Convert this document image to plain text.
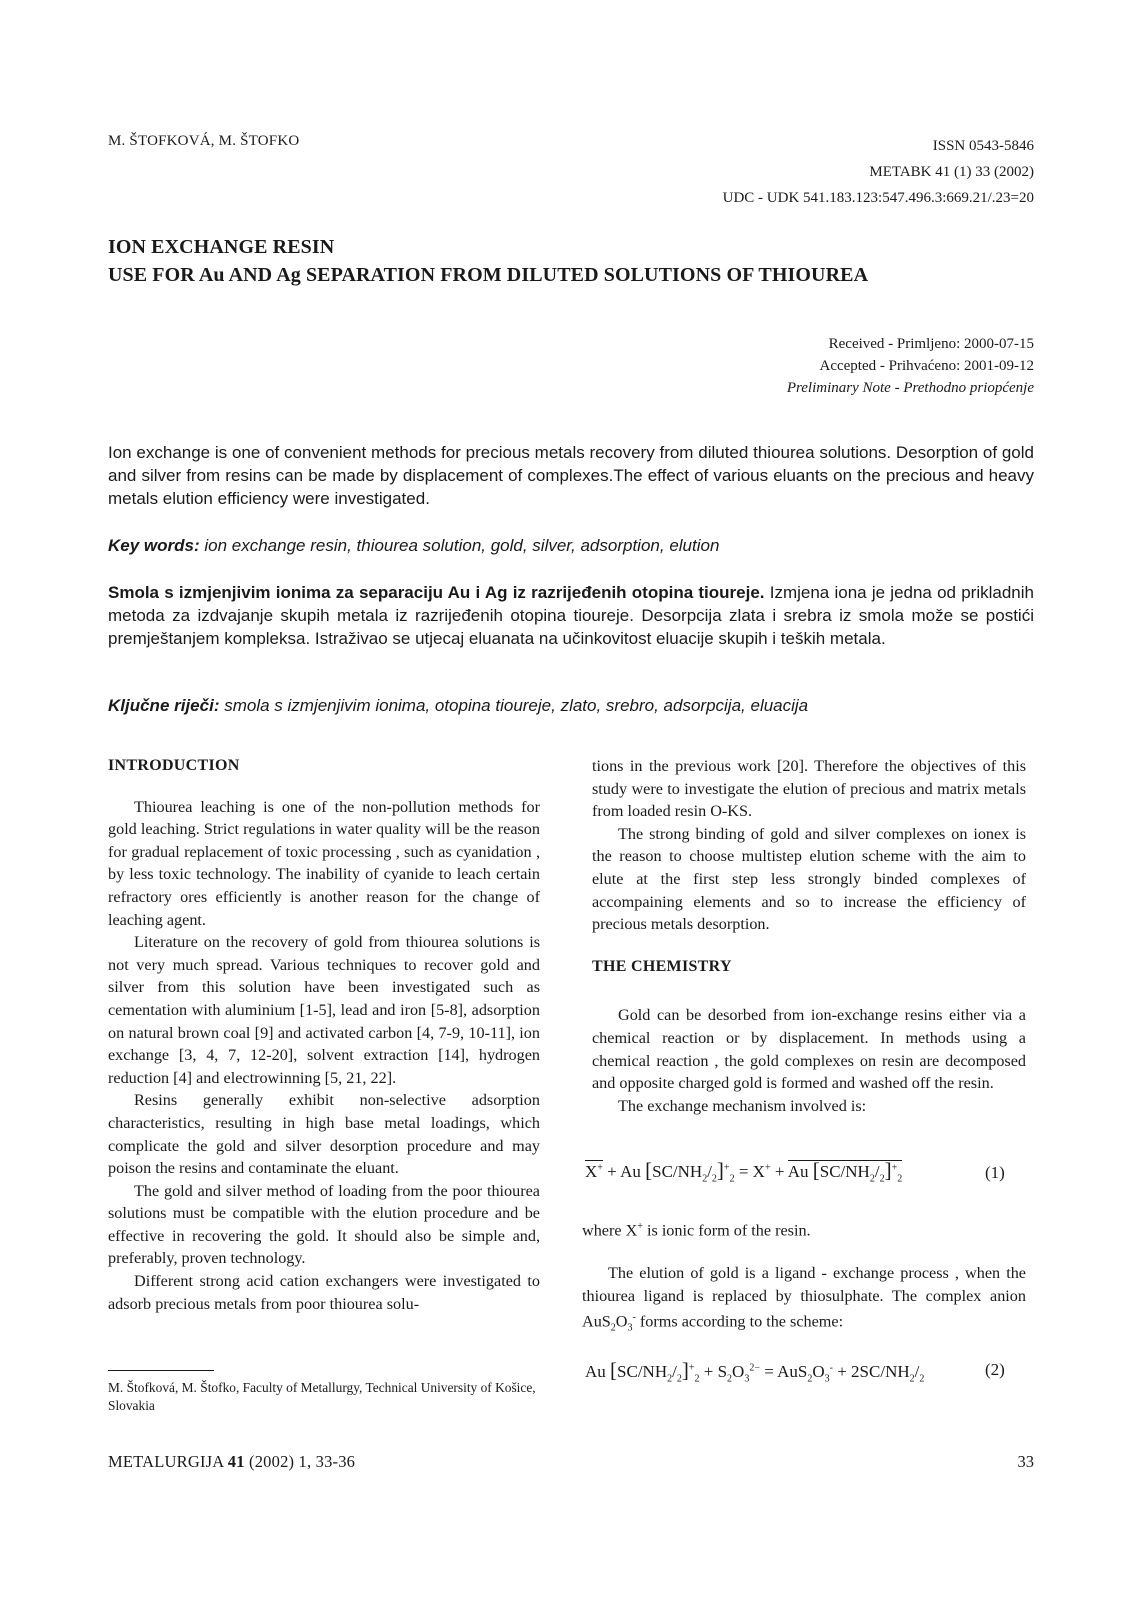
M. ŠTOFKOVÁ, M. ŠTOFKO	ISSN 0543-5846
METABK 41 (1) 33 (2002)
UDC - UDK 541.183.123:547.496.3:669.21/.23=20
ION EXCHANGE RESIN
USE FOR Au AND Ag SEPARATION FROM DILUTED SOLUTIONS OF THIOUREA
Received - Primljeno: 2000-07-15
Accepted - Prihvaćeno: 2001-09-12
Preliminary Note - Prethodno priopćenje
Ion exchange is one of convenient methods for precious metals recovery from diluted thiourea solutions. Desorption of gold and silver from resins can be made by displacement of complexes.The effect of various eluants on the precious and heavy metals elution efficiency were investigated.
Key words: ion exchange resin, thiourea solution, gold, silver, adsorption, elution
Smola s izmjenjivim ionima za separaciju Au i Ag iz razrijeđenih otopina tioureje. Izmjena iona je jedna od prikladnih metoda za izdvajanje skupih metala iz razrijeđenih otopina tioureje. Desorpcija zlata i srebra iz smola može se postići premještanjem kompleksa. Istraživao se utjecaj eluanata na učinkovitost eluacije skupih i teških metala.
Ključne riječi: smola s izmjenjivim ionima, otopina tioureje, zlato, srebro, adsorpcija, eluacija
INTRODUCTION

Thiourea leaching is one of the non-pollution methods for gold leaching. Strict regulations in water quality will be the reason for gradual replacement of toxic processing , such as cyanidation , by less toxic technology. The inability of cyanide to leach certain refractory ores efficiently is another reason for the change of leaching agent.

Literature on the recovery of gold from thiourea solutions is not very much spread. Various techniques to recover gold and silver from this solution have been investigated such as cementation with aluminium [1-5], lead and iron [5-8], adsorption on natural brown coal [9] and activated carbon [4, 7-9, 10-11], ion exchange [3, 4, 7, 12-20], solvent extraction [14], hydrogen reduction [4] and electrowinning [5, 21, 22].

Resins generally exhibit non-selective adsorption characteristics, resulting in high base metal loadings, which complicate the gold and silver desorption procedure and may poison the resins and contaminate the eluant.

The gold and silver method of loading from the poor thiourea solutions must be compatible with the elution procedure and be effective in recovering the gold. It should also be simple and, preferably, proven technology.

Different strong acid cation exchangers were investigated to adsorb precious metals from poor thiourea solu-

tions in the previous work [20]. Therefore the objectives of this study were to investigate the elution of precious and matrix metals from loaded resin O-KS.

The strong binding of gold and silver complexes on ionex is the reason to choose multistep elution scheme with the aim to elute at the first step less strongly binded complexes of accompaining elements and so to increase the efficiency of precious metals desorption.

THE CHEMISTRY

Gold can be desorbed from ion-exchange resins either via a chemical reaction or by displacement. In methods using a chemical reaction , the gold complexes on resin are decomposed and opposite charged gold is formed and washed off the resin.

The exchange mechanism involved is:

X+ + Au $[SC/NH_2/_2]^+_2 = X^+ + Au$ $[SC/NH_2/_2]^+_2$	(1)
where X+ is ionic form of the resin.

The elution of gold is a ligand - exchange process , when the thiourea ligand is replaced by thiosulphate. The complex anion $AuS_2O_3^-$ forms according to the scheme:

Au $[SC/NH_2/_2]^+_2 + S_2O_3^{2-} = AuS_2O_3^- + 2SC/NH_2/_2$	(2)
M. Štofková, M. Štofko, Faculty of Metallurgy, Technical University of Košice, Slovakia
METALURGIJA 41 (2002) 1, 33-36	33
